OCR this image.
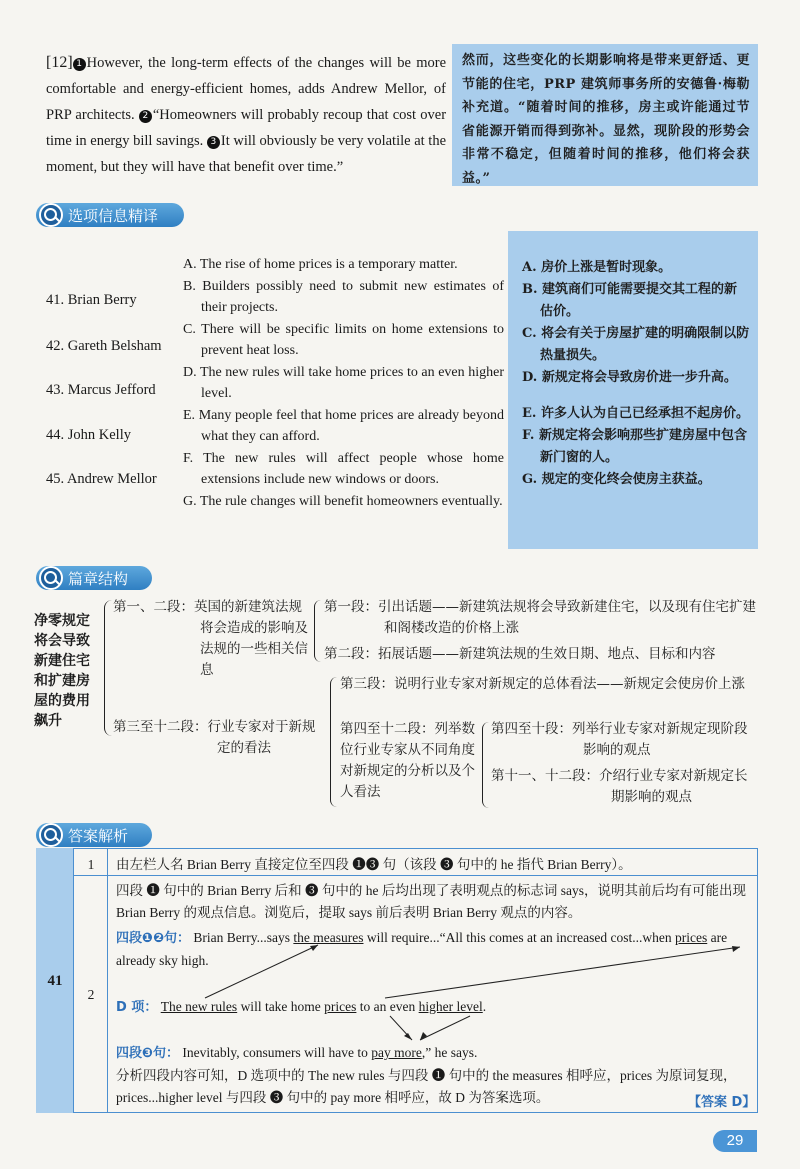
[12] 1 However, the long-term effects of the changes will be more comfortable and energy-efficient homes, adds Andrew Mellor, of PRP architects. 2 “Homeowners will probably recoup that cost over time in energy bill savings. 3 It will obviously be very volatile at the moment, but they will have that benefit over time.”
然而，这些变化的长期影响将是带来更舒适、更节能的住宅，PRP 建筑师事务所的安德鲁·梅勒补充道。“随着时间的推移，房主或许能通过节省能源开销而得到弥补。显然，现阶段的形势会非常不稳定，但随着时间的推移，他们将会获益。”
选项信息精译
41. Brian Berry
42. Gareth Belsham
43. Marcus Jefford
44. John Kelly
45. Andrew Mellor
A. The rise of home prices is a temporary matter.
B. Builders possibly need to submit new estimates of their projects.
C. There will be specific limits on home extensions to prevent heat loss.
D. The new rules will take home prices to an even higher level.
E. Many people feel that home prices are already beyond what they can afford.
F. The new rules will affect people whose home extensions include new windows or doors.
G. The rule changes will benefit homeowners eventually.
A. 房价上涨是暂时现象。
B. 建筑商们可能需要提交其工程的新估价。
C. 将会有关于房屋扩建的明确限制以防热量损失。
D. 新规定将会导致房价进一步升高。
E. 许多人认为自己已经承担不起房价。
F. 新规定将会影响那些扩建房屋中包含新门窗的人。
G. 规定的变化终会使房主获益。
篇章结构
净零规定将会导致新建住宅和扩建房屋的费用飙升
第一、二段：英国的新建筑法规将会造成的影响及法规的一些相关信息
第一段：引出话题——新建筑法规将会导致新建住宅，以及现有住宅扩建和阁楼改造的价格上涨
第二段：拓展话题——新建筑法规的生效日期、地点、目标和内容
第三至十二段：行业专家对于新规定的看法
第三段：说明行业专家对新规定的总体看法——新规定会使房价上涨
第四至十二段：列举数位行业专家从不同角度对新规定的分析以及个人看法
第四至十段：列举行业专家对新规定现阶段影响的观点
第十一、十二段：介绍行业专家对新规定长期影响的观点
答案解析
41
1
2
由左栏人名 Brian Berry 直接定位至四段 ❶❸ 句（该段 ❸ 句中的 he 指代 Brian Berry）。
四段 ❶ 句中的 Brian Berry 后和 ❸ 句中的 he 后均出现了表明观点的标志词 says，说明其前后均有可能出现 Brian Berry 的观点信息。浏览后，提取 says 前后表明 Brian Berry 观点的内容。
四段❶❷句： Brian Berry...says the measures will require...“All this comes at an increased cost...when prices are already sky high.
D 项： The new rules will take home prices to an even higher level.
四段❸句： Inevitably, consumers will have to pay more,” he says.
分析四段内容可知，D 选项中的 The new rules 与四段 ❶ 句中的 the measures 相呼应，prices 为原词复现，prices...higher level 与四段 ❸ 句中的 pay more 相呼应，故 D 为答案选项。	【答案 D】
29
